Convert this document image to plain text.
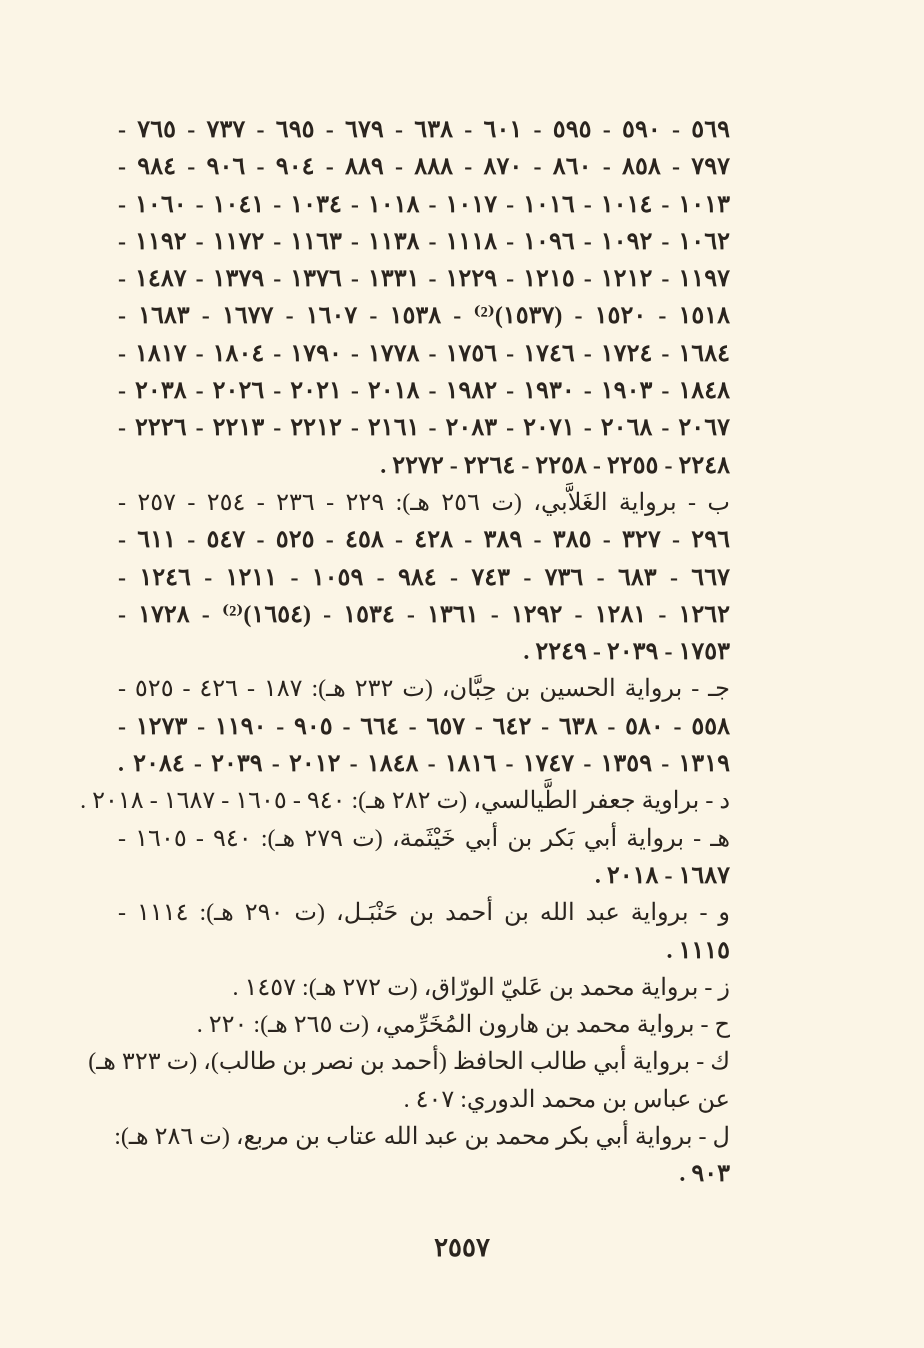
٥٦٩ - ٥٩٠ - ٥٩٥ - ٦٠١ - ٦٣٨ - ٦٧٩ - ٦٩٥ - ٧٣٧ - ٧٦٥ -
٧٩٧ - ٨٥٨ - ٨٦٠ - ٨٧٠ - ٨٨٨ - ٨٨٩ - ٩٠٤ - ٩٠٦ - ٩٨٤ -
١٠١٣ - ١٠١٤ - ١٠١٦ - ١٠١٧ - ١٠١٨ - ١٠٣٤ - ١٠٤١ - ١٠٦٠ -
١٠٦٢ - ١٠٩٢ - ١٠٩٦ - ١١١٨ - ١١٣٨ - ١١٦٣ - ١١٧٢ - ١١٩٢ -
١١٩٧ - ١٢١٢ - ١٢١٥ - ١٢٢٩ - ١٣٣١ - ١٣٧٦ - ١٣٧٩ - ١٤٨٧ -
١٥١٨ - ١٥٢٠ - (١٥٣٧)⁽²⁾ - ١٥٣٨ - ١٦٠٧ - ١٦٧٧ - ١٦٨٣ -
١٦٨٤ - ١٧٢٤ - ١٧٤٦ - ١٧٥٦ - ١٧٧٨ - ١٧٩٠ - ١٨٠٤ - ١٨١٧ -
١٨٤٨ - ١٩٠٣ - ١٩٣٠ - ١٩٨٢ - ٢٠١٨ - ٢٠٢١ - ٢٠٢٦ - ٢٠٣٨ -
٢٠٦٧ - ٢٠٦٨ - ٢٠٧١ - ٢٠٨٣ - ٢١٦١ - ٢٢١٢ - ٢٢١٣ - ٢٢٢٦ -
٢٢٤٨ - ٢٢٥٥ - ٢٢٥٨ - ٢٢٦٤ - ٢٢٧٢ .
ب - برواية الغَلاَّبي، (ت ٢٥٦ هـ): ٢٢٩ - ٢٣٦ - ٢٥٤ - ٢٥٧ -
٢٩٦ - ٣٢٧ - ٣٨٥ - ٣٨٩ - ٤٢٨ - ٤٥٨ - ٥٢٥ - ٥٤٧ - ٦١١ -
٦٦٧ - ٦٨٣ - ٧٣٦ - ٧٤٣ - ٩٨٤ - ١٠٥٩ - ١٢١١ - ١٢٤٦ -
١٢٦٢ - ١٢٨١ - ١٢٩٢ - ١٣٦١ - ١٥٣٤ - (١٦٥٤)⁽²⁾ - ١٧٢٨ -
١٧٥٣ - ٢٠٣٩ - ٢٢٤٩ .
جـ - برواية الحسين بن حِبَّان، (ت ٢٣٢ هـ): ١٨٧ - ٤٢٦ - ٥٢٥ -
٥٥٨ - ٥٨٠ - ٦٣٨ - ٦٤٢ - ٦٥٧ - ٦٦٤ - ٩٠٥ - ١١٩٠ - ١٢٧٣ -
١٣١٩ - ١٣٥٩ - ١٧٤٧ - ١٨١٦ - ١٨٤٨ - ٢٠١٢ - ٢٠٣٩ - ٢٠٨٤ .
د - براوية جعفر الطَّيالسي، (ت ٢٨٢ هـ): ٩٤٠ - ١٦٠٥ - ١٦٨٧ - ٢٠١٨ .
هـ - برواية أبي بَكر بن أبي خَيْثَمة، (ت ٢٧٩ هـ): ٩٤٠ - ١٦٠٥ -
١٦٨٧ - ٢٠١٨ .
و - برواية عبد الله بن أحمد بن حَنْبَـل، (ت ٢٩٠ هـ): ١١١٤ -
١١١٥ .
ز - برواية محمد بن عَليّ الورّاق، (ت ٢٧٢ هـ): ١٤٥٧ .
ح - برواية محمد بن هارون المُخَرِّمي، (ت ٢٦٥ هـ): ٢٢٠ .
ك - برواية أبي طالب الحافظ (أحمد بن نصر بن طالب)، (ت ٣٢٣ هـ)
عن عباس بن محمد الدوري: ٤٠٧ .
ل - برواية أبي بكر محمد بن عبد الله عتاب بن مربع، (ت ٢٨٦ هـ):
٩٠٣ .
٢٥٥٧
